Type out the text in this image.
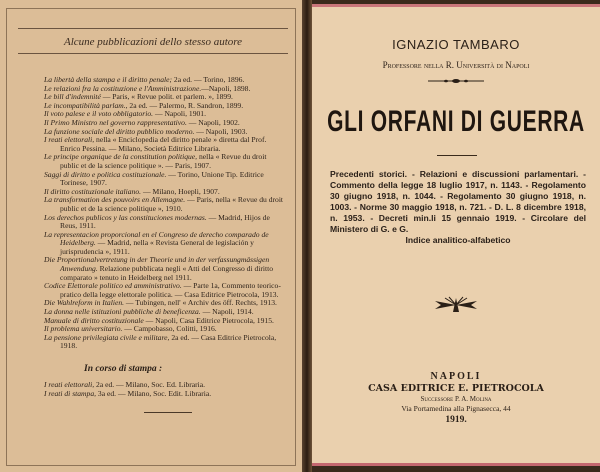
Alcune pubblicazioni dello stesso autore
La libertà della stampa e il diritto penale; 2a ed. — Torino, 1896.
Le relazioni fra la costituzione e l'Amministrazione.—Napoli, 1898.
Le bill d'indemnité — Paris, « Revue polit. et parlem. », 1899.
Le incompatibilità parlam., 2a ed. — Palermo, R. Sandron, 1899.
Il voto palese e il voto obbligatorio. — Napoli, 1901.
Il Primo Ministro nel governo rappresentativo. — Napoli, 1902.
La funzione sociale del diritto pubblico moderno. — Napoli, 1903.
I reati elettorali, nella « Enciclopedia del diritto penale » diretta dal Prof. Enrico Pessina. — Milano, Società Editrice Libraria.
Le principe organique de la constitution politique, nella « Revue du droit public et de la science politique ». — Paris, 1907.
Saggi di diritto e politica costituzionale. — Torino, Unione Tip. Editrice Torinese, 1907.
Il diritto costituzionale italiano. — Milano, Hoepli, 1907.
La transformation des pouvoirs en Allemagne. — Paris, nella « Revue du droit public et de la science politique », 1910.
Los derechos publicos y las constituciones modernas. — Madrid, Hijos de Reus, 1911.
La representacion proporcional en el Congreso de derecho comparado de Heidelberg. — Madrid, nella « Revista General de legislación y jurisprudencia », 1911.
Die Proportionalvertretung in der Theorie und in der verfassungmässigen Anwendung. Relazione pubblicata negli « Atti del Congresso di diritto comparato » tenuto in Heidelberg nel 1911.
Codice Elettorale politico ed amministrativo. — Parte 1a, Commento teorico-pratico della legge elettorale politica. — Casa Editrice Pietrocola, 1913.
Die Wahlreform in Italien. — Tubingen, nell' « Archiv des öff. Rechts, 1913.
La donna nelle istituzioni pubbliche di beneficenza. — Napoli, 1914.
Manuale di diritto costituzionale — Napoli, Casa Editrice Pietrocola, 1915.
Il problema universitario. — Campobasso, Colitti, 1916.
La pensione privilegiata civile e militare, 2a ed. — Casa Editrice Pietrocola, 1918.
In corso di stampa :
I reati elettorali, 2a ed. — Milano, Soc. Ed. Libraria.
I reati di stampa, 3a ed. — Milano, Soc. Edit. Libraria.
IGNAZIO TAMBARO
Professore nella R. Università di Napoli
GLI ORFANI DI GUERRA
Precedenti storici. - Relazioni e discussioni parlamentari. - Commento della legge 18 luglio 1917, n. 1143. - Regolamento 30 giugno 1918, n. 1044. - Regolamento 30 giugno 1918, n. 1003. - Norme 30 maggio 1918, n. 721. - D. L. 8 dicembre 1918, n. 1953. - Decreti min.li 15 gennaio 1919. - Circolare del Ministero di G. e G.
Indice analitico-alfabetico
NAPOLI
CASA EDITRICE E. PIETROCOLA
Successore P. A. Molina
Via Portamedina alla Pignasecca, 44
1919.
